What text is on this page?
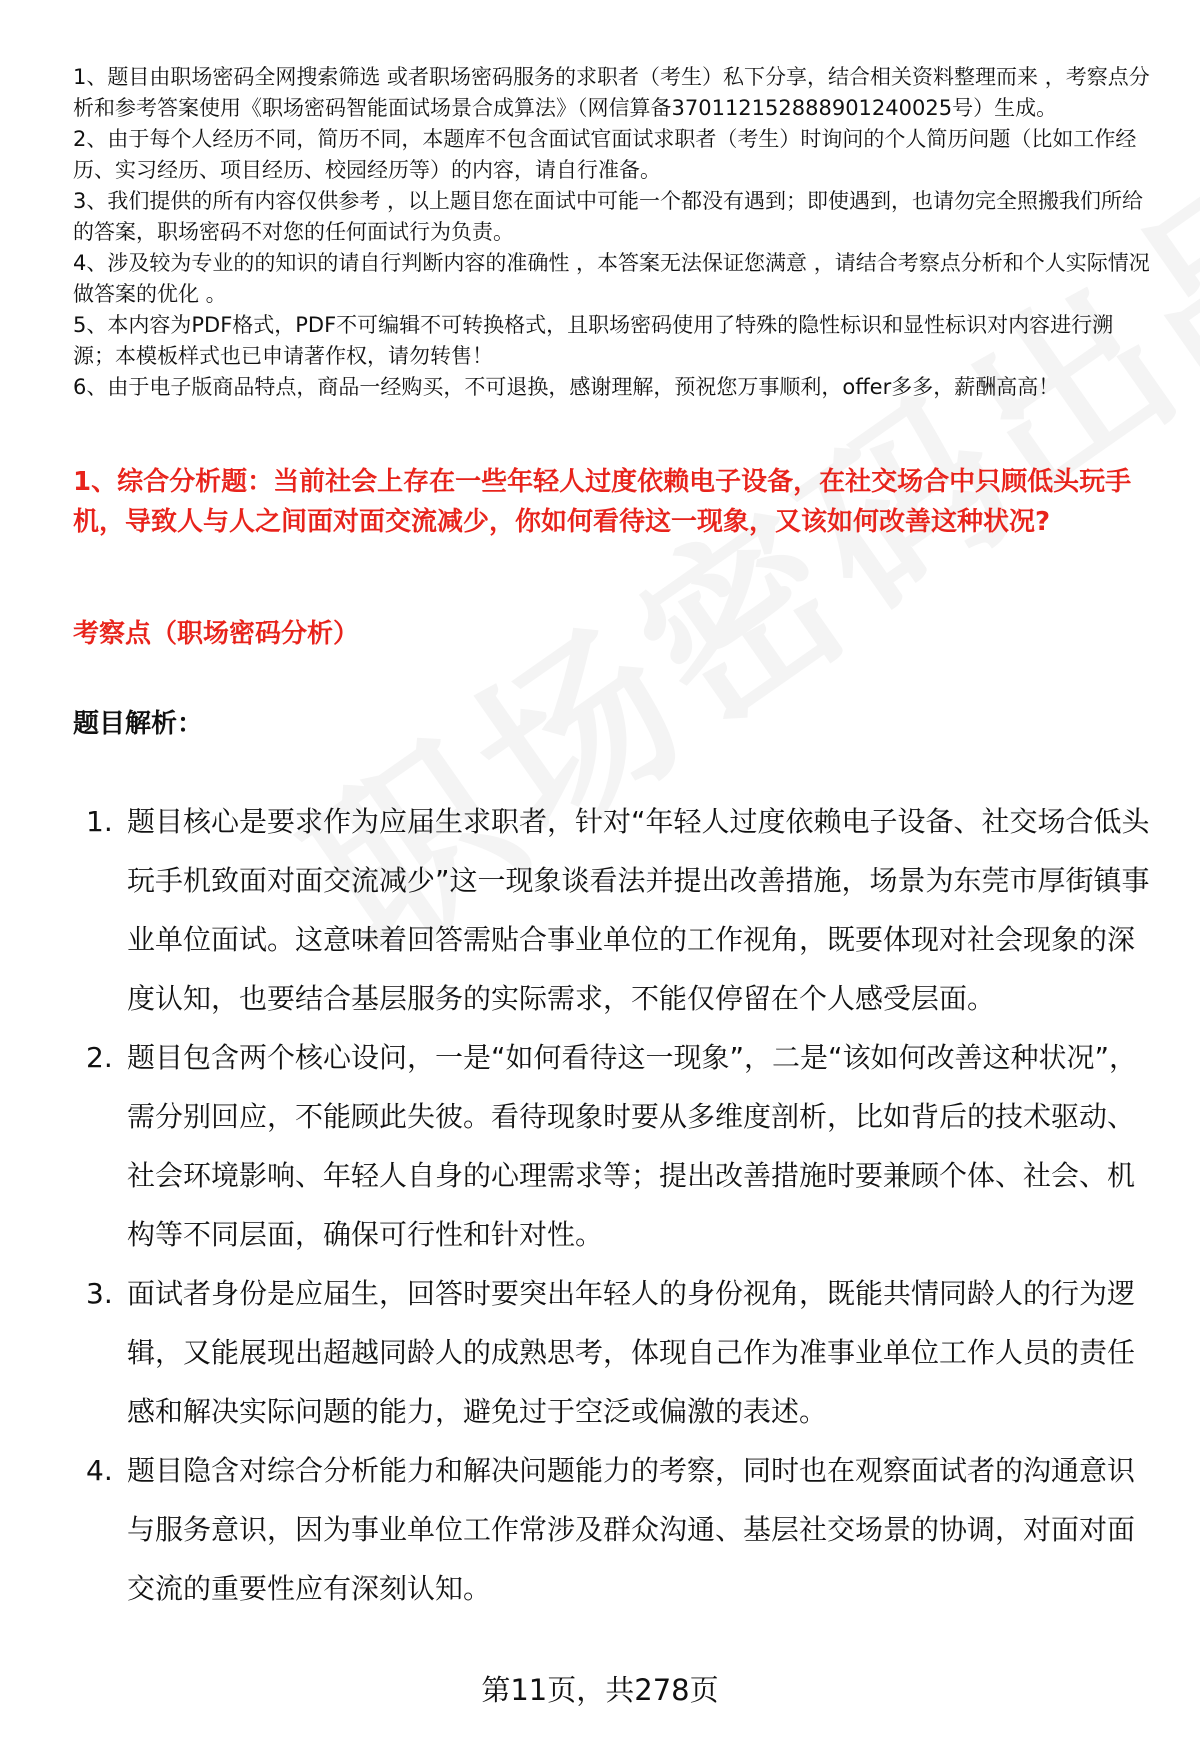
1、题目由职场密码全网搜索筛选 或者职场密码服务的求职者（考生）私下分享，结合相关资料整理而来 ，考察点分析和参考答案使用《职场密码智能面试场景合成算法》（网信算备370112152888901240025号）生成。

2、由于每个人经历不同，简历不同，本题库不包含面试官面试求职者（考生）时询问的个人简历问题（比如工作经历、实习经历、项目经历、校园经历等）的内容，请自行准备。

3、我们提供的所有内容仅供参考 ，以上题目您在面试中可能一个都没有遇到；即使遇到，也请勿完全照搬我们所给的答案，职场密码不对您的任何面试行为负责。

4、涉及较为专业的的知识的请自行判断内容的准确性 ，本答案无法保证您满意 ，请结合考察点分析和个人实际情况做答案的优化 。

5、本内容为PDF格式，PDF不可编辑不可转换格式，且职场密码使用了特殊的隐性标识和显性标识对内容进行溯源；本模板样式也已申请著作权，请勿转售！

6、由于电子版商品特点，商品一经购买，不可退换，感谢理解，预祝您万事顺利，offer多多，薪酬高高！

1、综合分析题：当前社会上存在一些年轻人过度依赖电子设备，在社交场合中只顾低头玩手机，导致人与人之间面对面交流减少，你如何看待这一现象，又该如何改善这种状况?
考察点（职场密码分析）
题目解析：
1. 题目核心是要求作为应届生求职者，针对“年轻人过度依赖电子设备、社交场合低头玩手机致面对面交流减少”这一现象谈看法并提出改善措施，场景为东莞市厚街镇事业单位面试。这意味着回答需贴合事业单位的工作视角，既要体现对社会现象的深度认知，也要结合基层服务的实际需求，不能仅停留在个人感受层面。
2. 题目包含两个核心设问，一是“如何看待这一现象”，二是“该如何改善这种状况”，需分别回应，不能顾此失彼。看待现象时要从多维度剖析，比如背后的技术驱动、社会环境影响、年轻人自身的心理需求等；提出改善措施时要兼顾个体、社会、机构等不同层面，确保可行性和针对性。
3. 面试者身份是应届生，回答时要突出年轻人的身份视角，既能共情同龄人的行为逻辑，又能展现出超越同龄人的成熟思考，体现自己作为准事业单位工作人员的责任感和解决实际问题的能力，避免过于空泛或偏激的表述。
4. 题目隐含对综合分析能力和解决问题能力的考察，同时也在观察面试者的沟通意识与服务意识，因为事业单位工作常涉及群众沟通、基层社交场景的协调，对面对面交流的重要性应有深刻认知。
第11页，共278页
